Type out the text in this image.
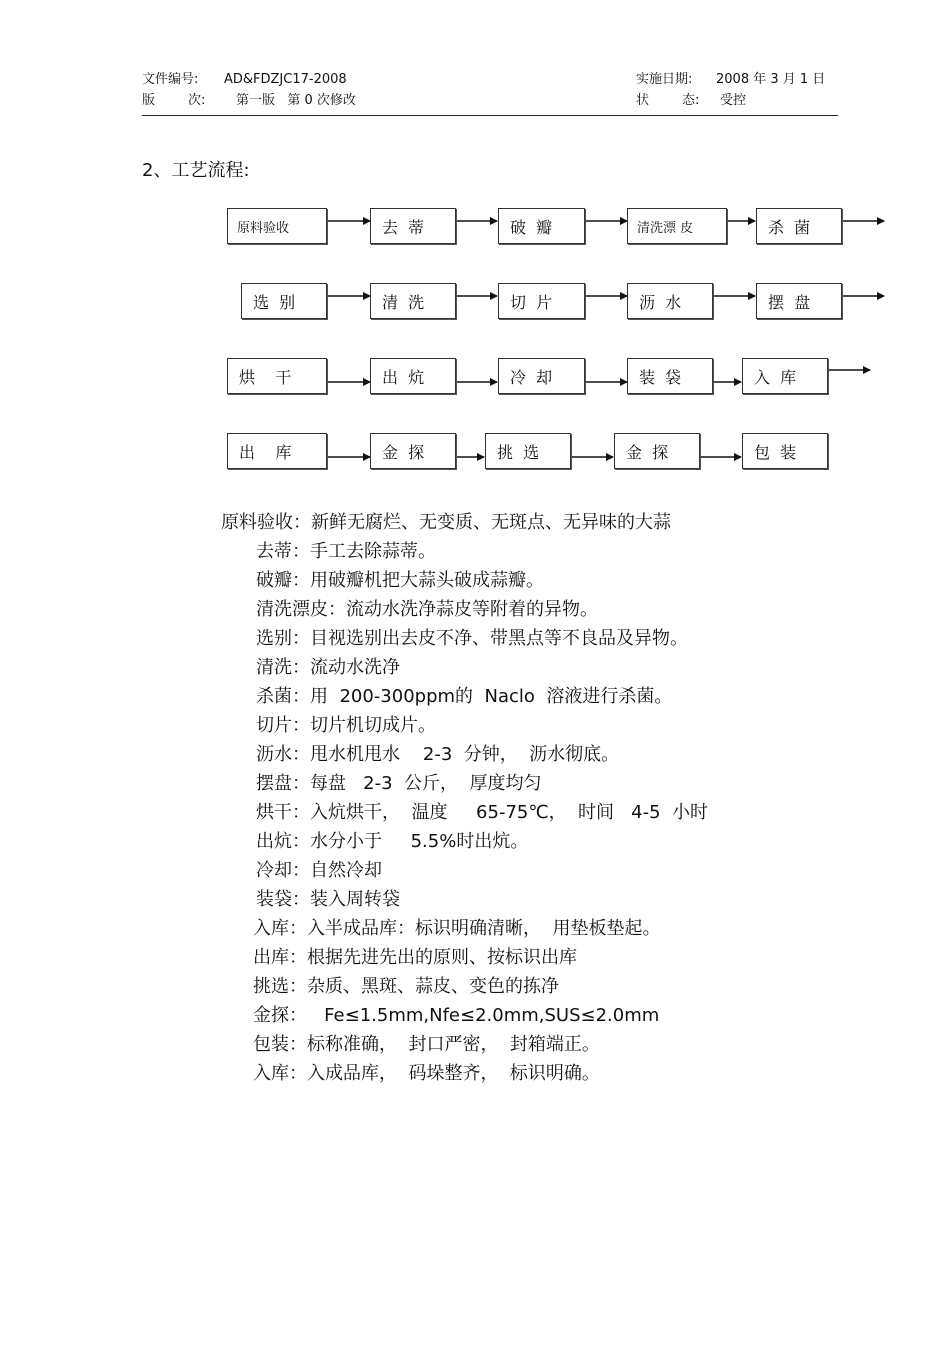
文件编号: AD&FDZJC17-2008	实施日期: 2008 年 3 月 1 日
版        次: 第一版   第 0 次修改	状        态: 受控
2、工艺流程:
原料验收	去  蒂	破  瓣	清洗漂 皮	杀  菌
选  别	清  洗	切  片	沥  水	摆  盘
烘    干	出  炕	冷  却	装  袋	入  库
出    库	金  探	挑  选	金  探	包  装
原料验收：新鲜无腐烂、无变质、无斑点、无异味的大蒜
去蒂：手工去除蒜蒂。
破瓣：用破瓣机把大蒜头破成蒜瓣。
清洗漂皮：流动水洗净蒜皮等附着的异物。
选别：目视选别出去皮不净、带黑点等不良品及异物。
清洗：流动水洗净
杀菌：用  200-300ppm的  Naclo  溶液进行杀菌。
切片：切片机切成片。
沥水：甩水机甩水    2-3  分钟，  沥水彻底。
摆盘：每盘   2-3  公斤，  厚度均匀
烘干：入炕烘干，  温度     65-75℃，  时间   4-5  小时
出炕：水分小于     5.5%时出炕。
冷却：自然冷却
装袋：装入周转袋
入库：入半成品库：标识明确清晰，  用垫板垫起。
出库：根据先进先出的原则、按标识出库
挑选：杂质、黑斑、蒜皮、变色的拣净
金探：   Fe≤1.5mm,Nfe≤2.0mm,SUS≤2.0mm
包装：标称准确，  封口严密，  封箱端正。
入库：入成品库，  码垛整齐，  标识明确。
